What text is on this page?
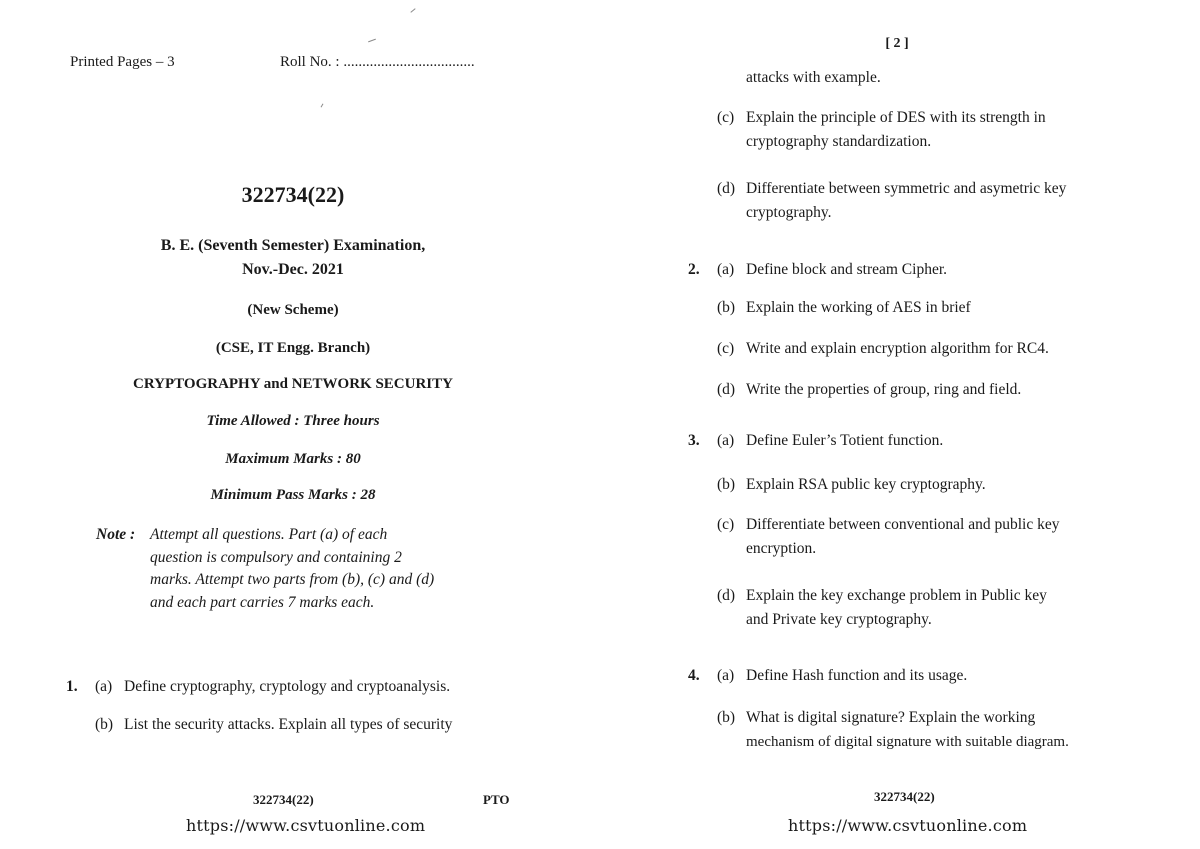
Printed Pages – 3	Roll No. : ...................................
322734(22)
B. E. (Seventh Semester) Examination,
Nov.-Dec. 2021
(New Scheme)
(CSE, IT Engg. Branch)
CRYPTOGRAPHY and NETWORK SECURITY
Time Allowed : Three hours
Maximum Marks : 80
Minimum Pass Marks : 28
Note : Attempt all questions. Part (a) of each
question is compulsory and containing 2
marks. Attempt two parts from (b), (c) and (d)
and each part carries 7 marks each.
1. (a) Define cryptography, cryptology and cryptoanalysis.
(b) List the security attacks. Explain all types of security
322734(22)	PTO
https://www.csvtuonline.com
[ 2 ]
attacks with example.
(c) Explain the principle of DES with its strength in
cryptography standardization.
(d) Differentiate between symmetric and asymetric key
cryptography.
2. (a) Define block and stream Cipher.
(b) Explain the working of AES in brief
(c) Write and explain encryption algorithm for RC4.
(d) Write the properties of group, ring and field.
3. (a) Define Euler’s Totient function.
(b) Explain RSA public key cryptography.
(c) Differentiate between conventional and public key
encryption.
(d) Explain the key exchange problem in Public key
and Private key cryptography.
4. (a) Define Hash function and its usage.
(b) What is digital signature? Explain the working
mechanism of digital signature with suitable diagram.
322734(22)
https://www.csvtuonline.com
